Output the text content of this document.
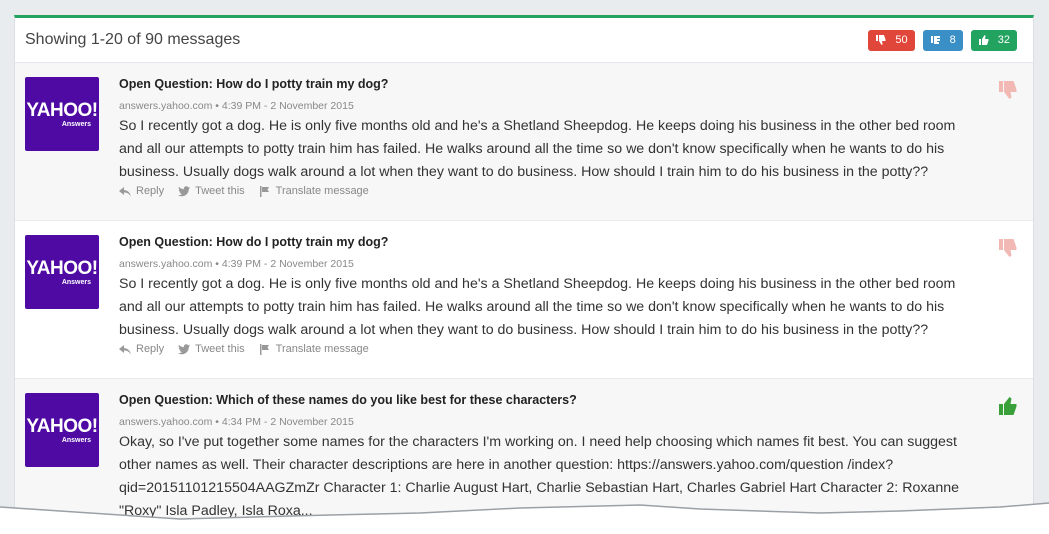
Showing 1-20 of 90 messages	50	8	32
YAHOO!
Answers
Open Question: How do I potty train my dog?
answers.yahoo.com • 4:39 PM - 2 November 2015
So I recently got a dog. He is only five months old and he's a Shetland Sheepdog. He keeps doing his business in the other bed room and all our attempts to potty train him has failed. He walks around all the time so we don't know specifically when he wants to do his business. Usually dogs walk around a lot when they want to do business. How should I train him to do his business in the potty??
Reply	Tweet this	Translate message
YAHOO!
Answers
Open Question: How do I potty train my dog?
answers.yahoo.com • 4:39 PM - 2 November 2015
So I recently got a dog. He is only five months old and he's a Shetland Sheepdog. He keeps doing his business in the other bed room and all our attempts to potty train him has failed. He walks around all the time so we don't know specifically when he wants to do his business. Usually dogs walk around a lot when they want to do business. How should I train him to do his business in the potty??
Reply	Tweet this	Translate message
YAHOO!
Answers
Open Question: Which of these names do you like best for these characters?
answers.yahoo.com • 4:34 PM - 2 November 2015
Okay, so I've put together some names for the characters I'm working on. I need help choosing which names fit best. You can suggest other names as well. Their character descriptions are here in another question: https://answers.yahoo.com/question /index?qid=20151101215504AAGZmZr Character 1: Charlie August Hart, Charlie Sebastian Hart, Charles Gabriel Hart Character 2: Roxanne "Roxy" Isla Padley, Isla Roxa...
